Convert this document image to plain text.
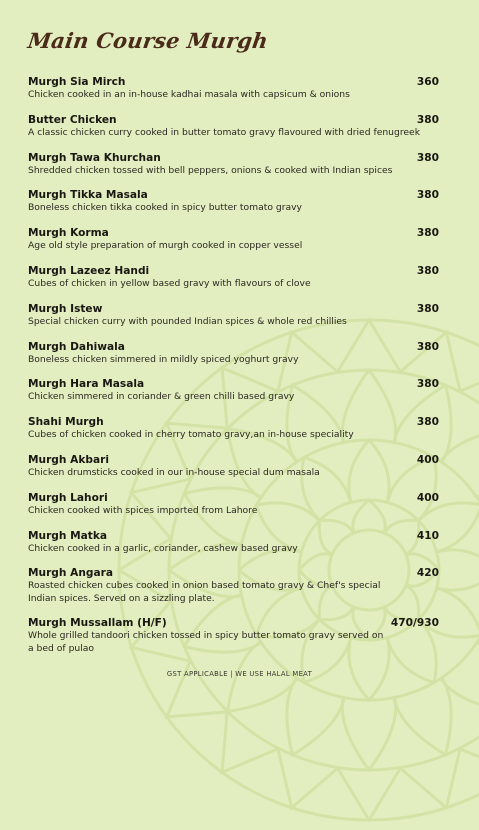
Main Course Murgh
Murgh Sia Mirch	360
Chicken cooked in an in-house kadhai masala with capsicum & onions
Butter Chicken	380
A classic chicken curry cooked in butter tomato gravy flavoured with dried fenugreek
Murgh Tawa Khurchan	380
Shredded chicken tossed with bell peppers, onions & cooked with Indian spices
Murgh Tikka Masala	380
Boneless chicken tikka cooked in spicy butter tomato gravy
Murgh Korma	380
Age old style preparation of murgh cooked in copper vessel
Murgh Lazeez Handi	380
Cubes of chicken in yellow based gravy with flavours of clove
Murgh Istew	380
Special chicken curry with pounded Indian spices & whole red chillies
Murgh Dahiwala	380
Boneless chicken simmered in mildly spiced yoghurt gravy
Murgh Hara Masala	380
Chicken simmered in coriander & green chilli based gravy
Shahi Murgh	380
Cubes of chicken cooked in cherry tomato gravy,an in-house speciality
Murgh Akbari	400
Chicken drumsticks cooked in our in-house special dum masala
Murgh Lahori	400
Chicken cooked with spices imported from Lahore
Murgh Matka	410
Chicken cooked in a garlic, coriander, cashew based gravy
Murgh Angara	420
Roasted chicken cubes cooked in onion based tomato gravy & Chef's special Indian spices. Served on a sizzling plate.
Murgh Mussallam (H/F)	470/930
Whole grilled tandoori chicken tossed in spicy butter tomato gravy served on a bed of pulao
GST APPLICABLE | WE USE HALAL MEAT
